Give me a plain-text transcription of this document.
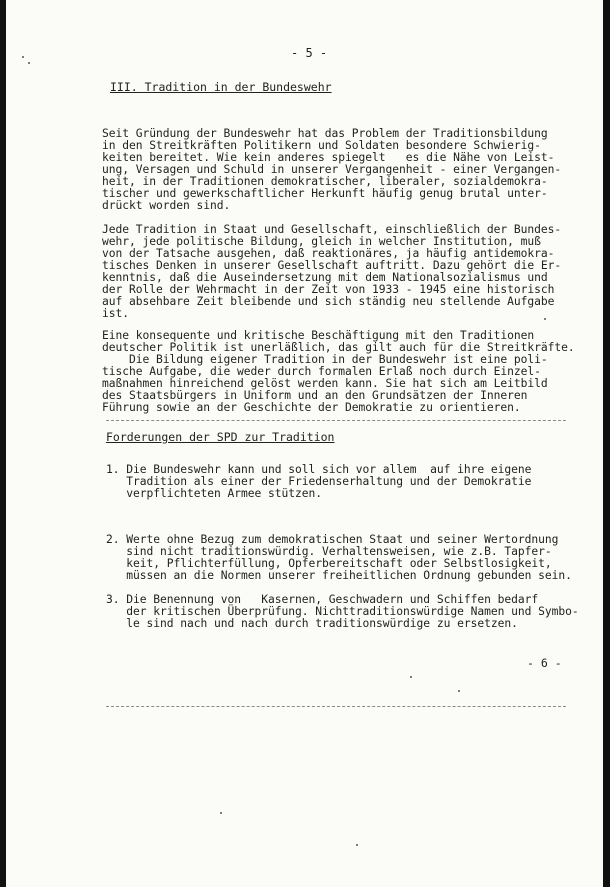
- 5 -
III. Tradition in der Bundeswehr
Seit Gründung der Bundeswehr hat das Problem der Traditionsbildung
in den Streitkräften Politikern und Soldaten besondere Schwierig-
keiten bereitet. Wie kein anderes spiegelt   es die Nähe von Leist-
ung, Versagen und Schuld in unserer Vergangenheit - einer Vergangen-
heit, in der Traditionen demokratischer, liberaler, sozialdemokra-
tischer und gewerkschaftlicher Herkunft häufig genug brutal unter-
drückt worden sind.
Jede Tradition in Staat und Gesellschaft, einschließlich der Bundes-
wehr, jede politische Bildung, gleich in welcher Institution, muß
von der Tatsache ausgehen, daß reaktionäres, ja häufig antidemokra-
tisches Denken in unserer Gesellschaft auftritt. Dazu gehört die Er-
kenntnis, daß die Auseindersetzung mit dem Nationalsozialismus und
der Rolle der Wehrmacht in der Zeit von 1933 - 1945 eine historisch
auf absehbare Zeit bleibende und sich ständig neu stellende Aufgabe
ist.
Eine konsequente und kritische Beschäftigung mit den Traditionen
deutscher Politik ist unerläßlich, das gilt auch für die Streitkräfte.
Die Bildung eigener Tradition in der Bundeswehr ist eine poli-
tische Aufgabe, die weder durch formalen Erlaß noch durch Einzel-
maßnahmen hinreichend gelöst werden kann. Sie hat sich am Leitbild
des Staatsbürgers in Uniform und an den Grundsätzen der Inneren
Führung sowie an der Geschichte der Demokratie zu orientieren.
Forderungen der SPD zur Tradition
1. Die Bundeswehr kann und soll sich vor allem  auf ihre eigene
Tradition als einer der Friedenserhaltung und der Demokratie
verpflichteten Armee stützen.
2. Werte ohne Bezug zum demokratischen Staat und seiner Wertordnung
sind nicht traditionswürdig. Verhaltensweisen, wie z.B. Tapfer-
keit, Pflichterfüllung, Opferbereitschaft oder Selbstlosigkeit,
müssen an die Normen unserer freiheitlichen Ordnung gebunden sein.
3. Die Benennung von   Kasernen, Geschwadern und Schiffen bedarf
der kritischen Überprüfung. Nichttraditionswürdige Namen und Symbo-
le sind nach und nach durch traditionswürdige zu ersetzen.
- 6 -
